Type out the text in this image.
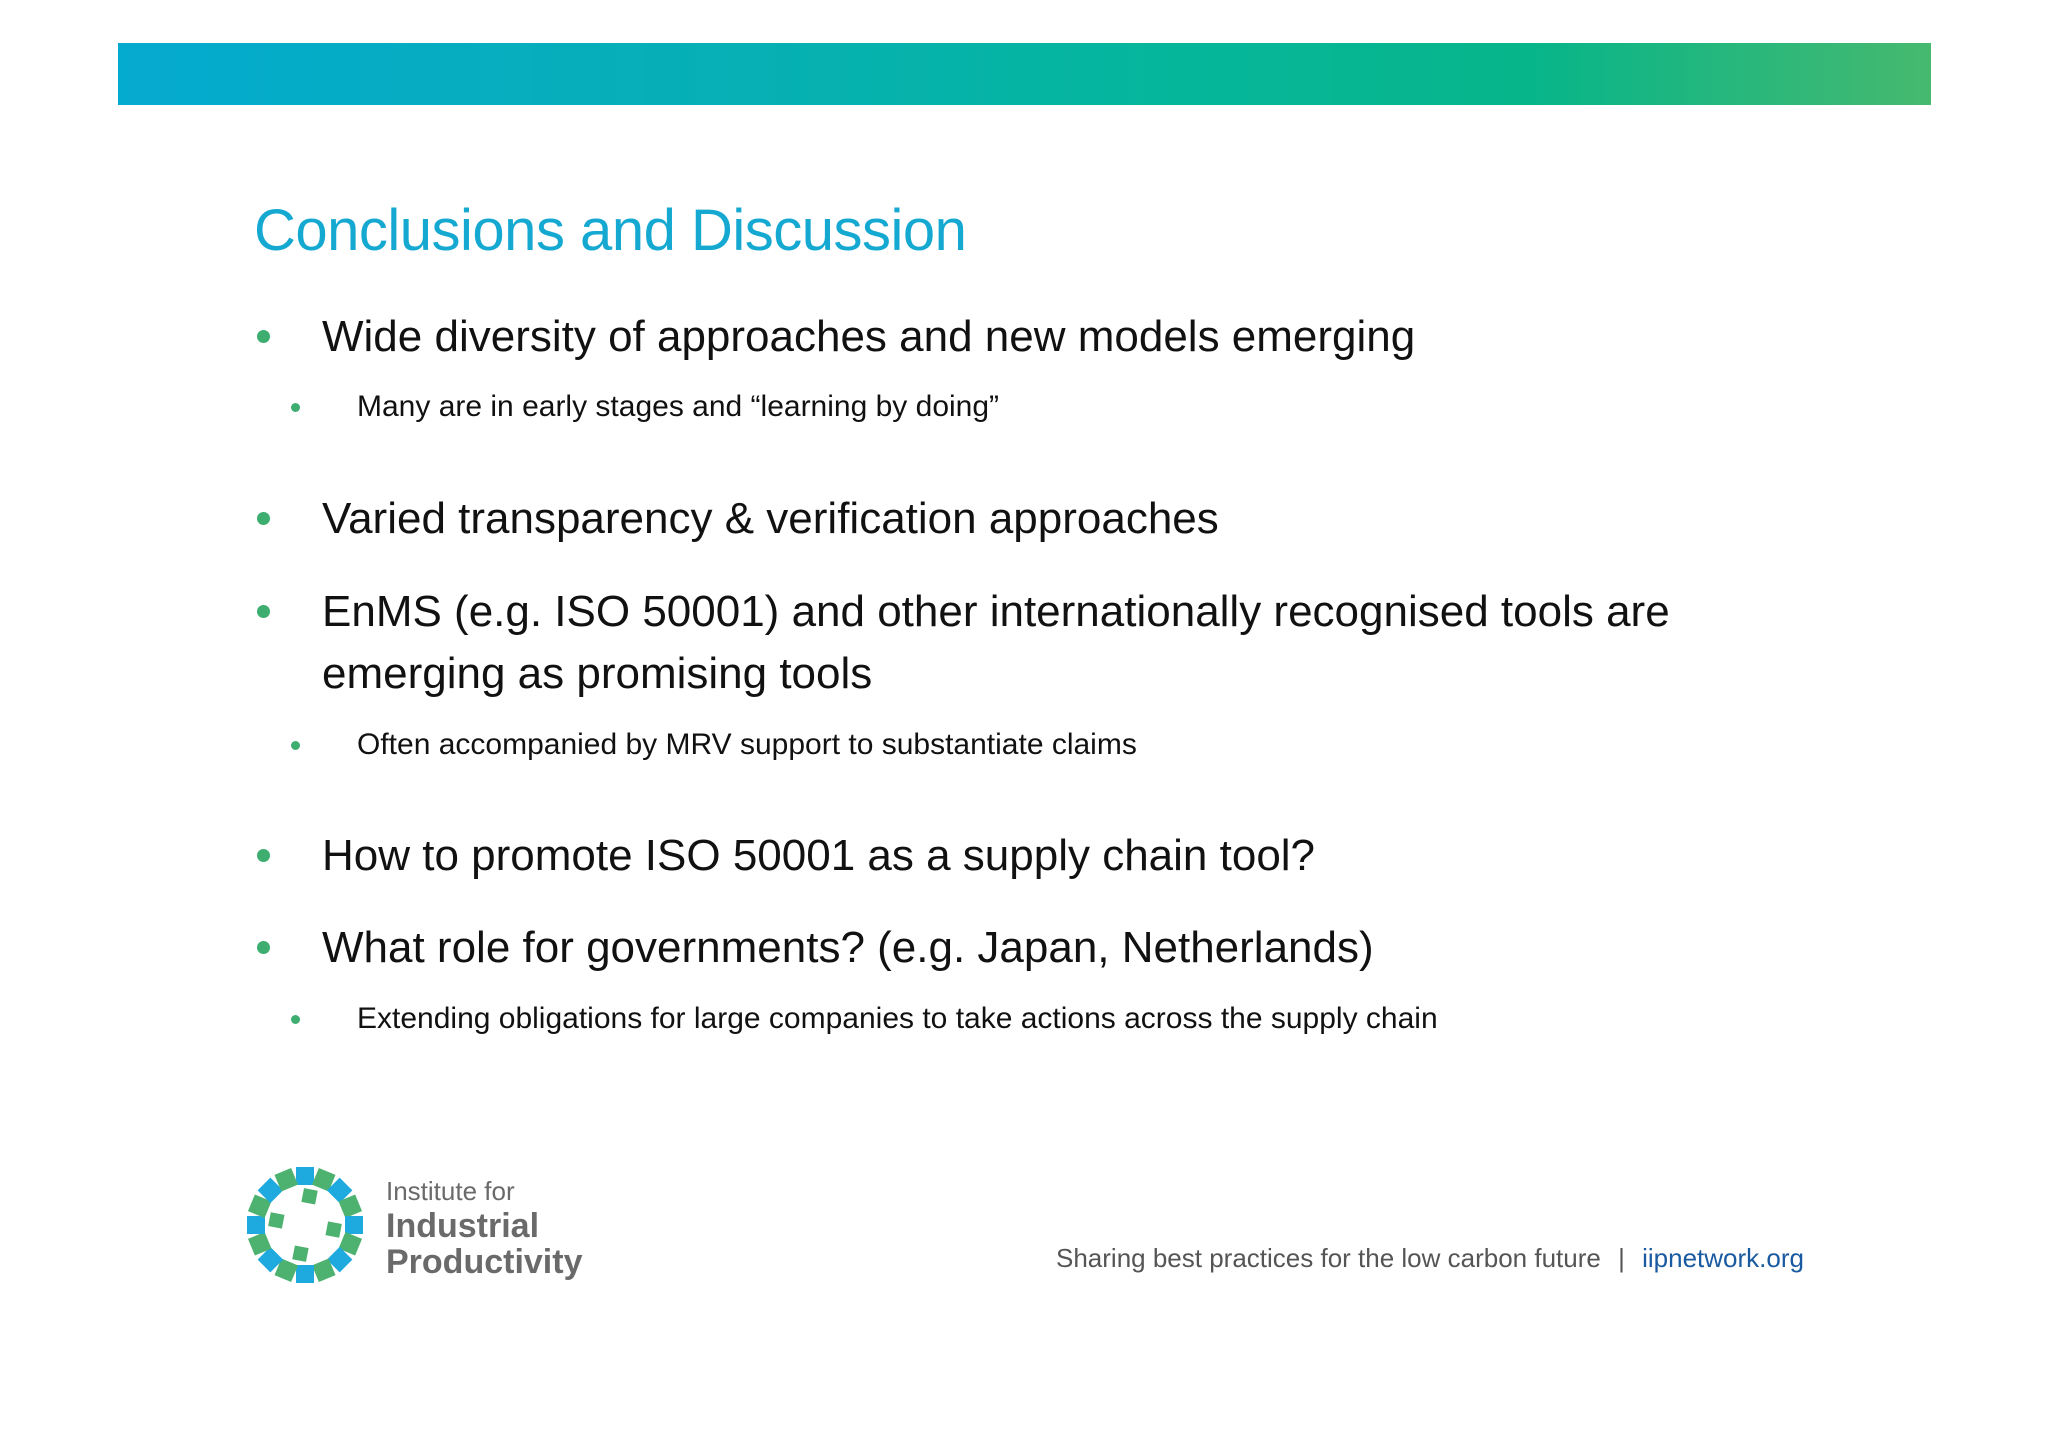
Conclusions and Discussion
Wide diversity of approaches and new models emerging
Many are in early stages and “learning by doing”
Varied transparency & verification approaches
EnMS (e.g. ISO 50001) and other internationally recognised tools are emerging as promising tools
Often accompanied by MRV support to substantiate claims
How to promote ISO 50001 as a supply chain tool?
What role for governments? (e.g. Japan, Netherlands)
Extending obligations for large companies to take actions across the supply chain
Institute for
Industrial
Productivity	Sharing best practices for the low carbon future | iipnetwork.org
